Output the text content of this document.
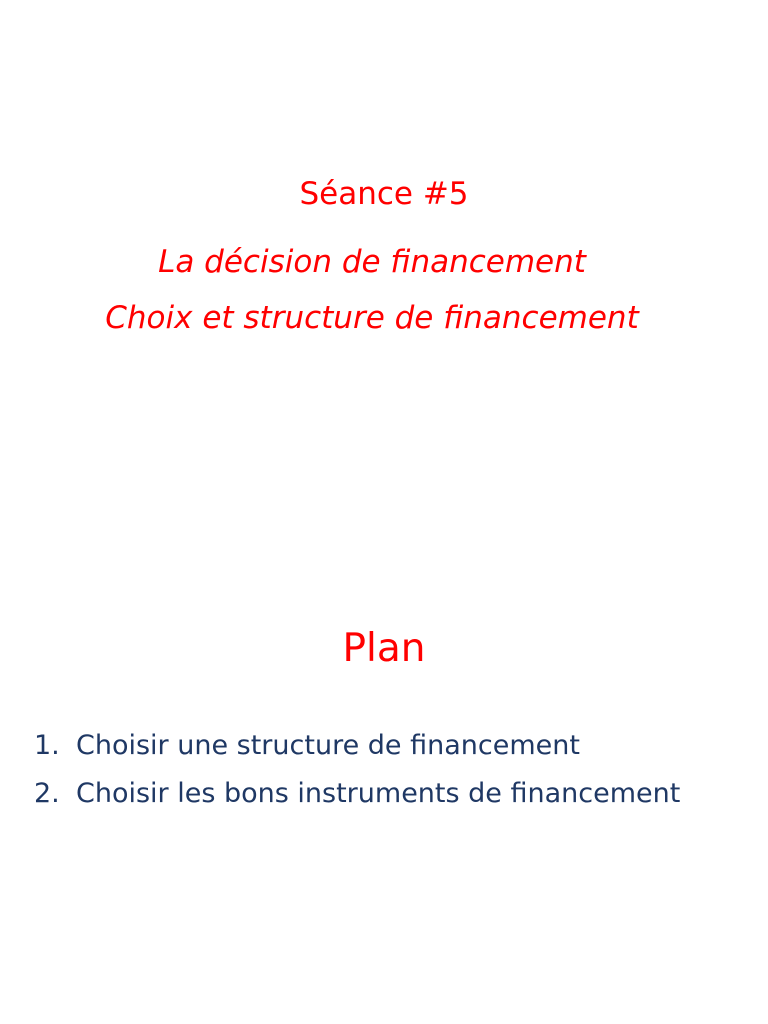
Séance #5
La décision de financement
Choix et structure de financement
Plan
1. Choisir une structure de financement
2. Choisir les bons instruments de financement
